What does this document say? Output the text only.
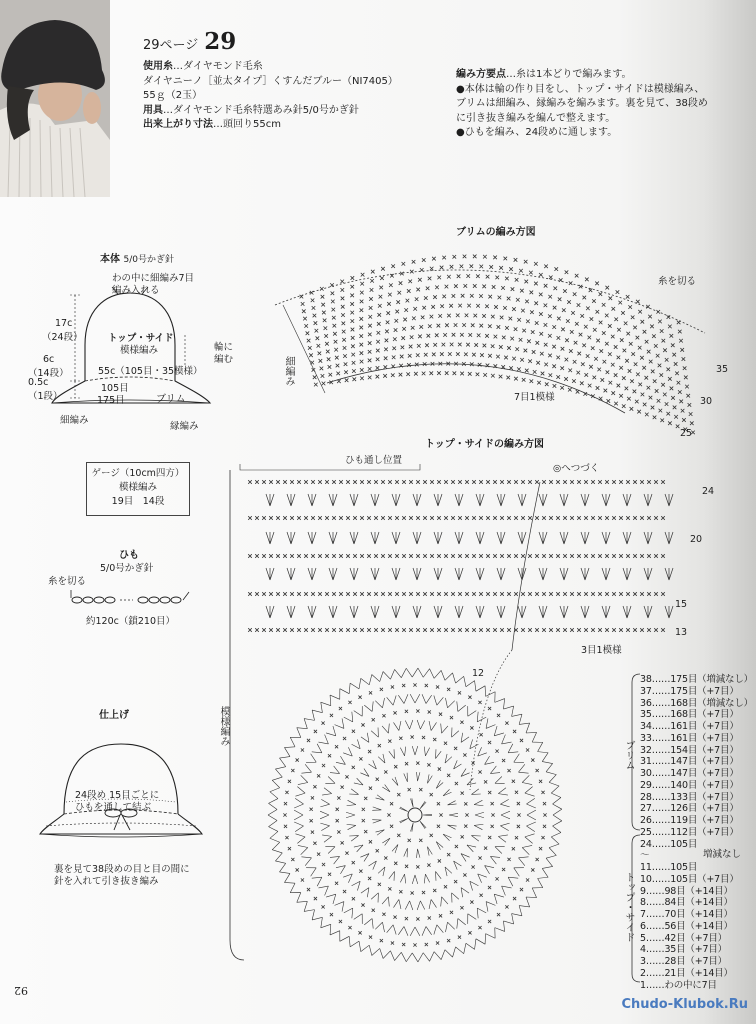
29ページ 29
使用糸…ダイヤモンド毛糸
ダイヤニーノ［並太タイプ］くすんだブルー（NI7405）
55ｇ（2玉）
用具…ダイヤモンド毛糸特選あみ針5/0号かぎ針
出来上がり寸法…頭回り55cm
編み方要点…糸は1本どりで編みます。
●本体は輪の作り目をし、トップ・サイドは模様編み、
ブリムは細編み、縁編みを編みます。裏を見て、38段め
に引き抜き編みを編んで整えます。
●ひもを編み、24段めに通します。
本体 5/0号かぎ針
わの中に細編み7目
編み入れる
17c
（24段）
6c
（14段）
0.5c
（1段）
トップ・サイド
模様編み	輪に
編む
55c（105目・35模様）
105目
175目	ブリム
細編み
縁編み
ゲージ（10cm四方）
模様編み
19目　14段
ひも
5/0号かぎ針
糸を切る
約120c（鎖210目）
仕上げ
24段め 15目ごとに
ひもを通して結ぶ
裏を見て38段めの目と目の間に
針を入れて引き抜き編み
ブリムの編み方図
糸を切る
7目1模様
細編み	35
30
25
トップ・サイドの編み方図
ひも通し位置
◎へつづく
3目1模様
模様編み
24
20
15
13
12
ブリム
トップ・サイド
増減なし
92
Chudo-Klubok.Ru
38……175目（増減なし）
37……175目（+7目）
36……168目（増減なし）
35……168目（+7目）
34……161目（+7目）
33……161目（+7目）
32……154目（+7目）
31……147目（+7目）
30……147目（+7目）
29……140目（+7目）
28……133目（+7目）
27……126目（+7目）
26……119目（+7目）
25……112目（+7目）
24……105目
～
11……105目
10……105目（+7目）
9……98目（+14目）
8……84目（+14目）
7……70目（+14目）
6……56目（+14目）
5……42目（+7目）
4……35目（+7目）
3……28目（+7目）
2……21目（+14目）
1……わの中に7目
